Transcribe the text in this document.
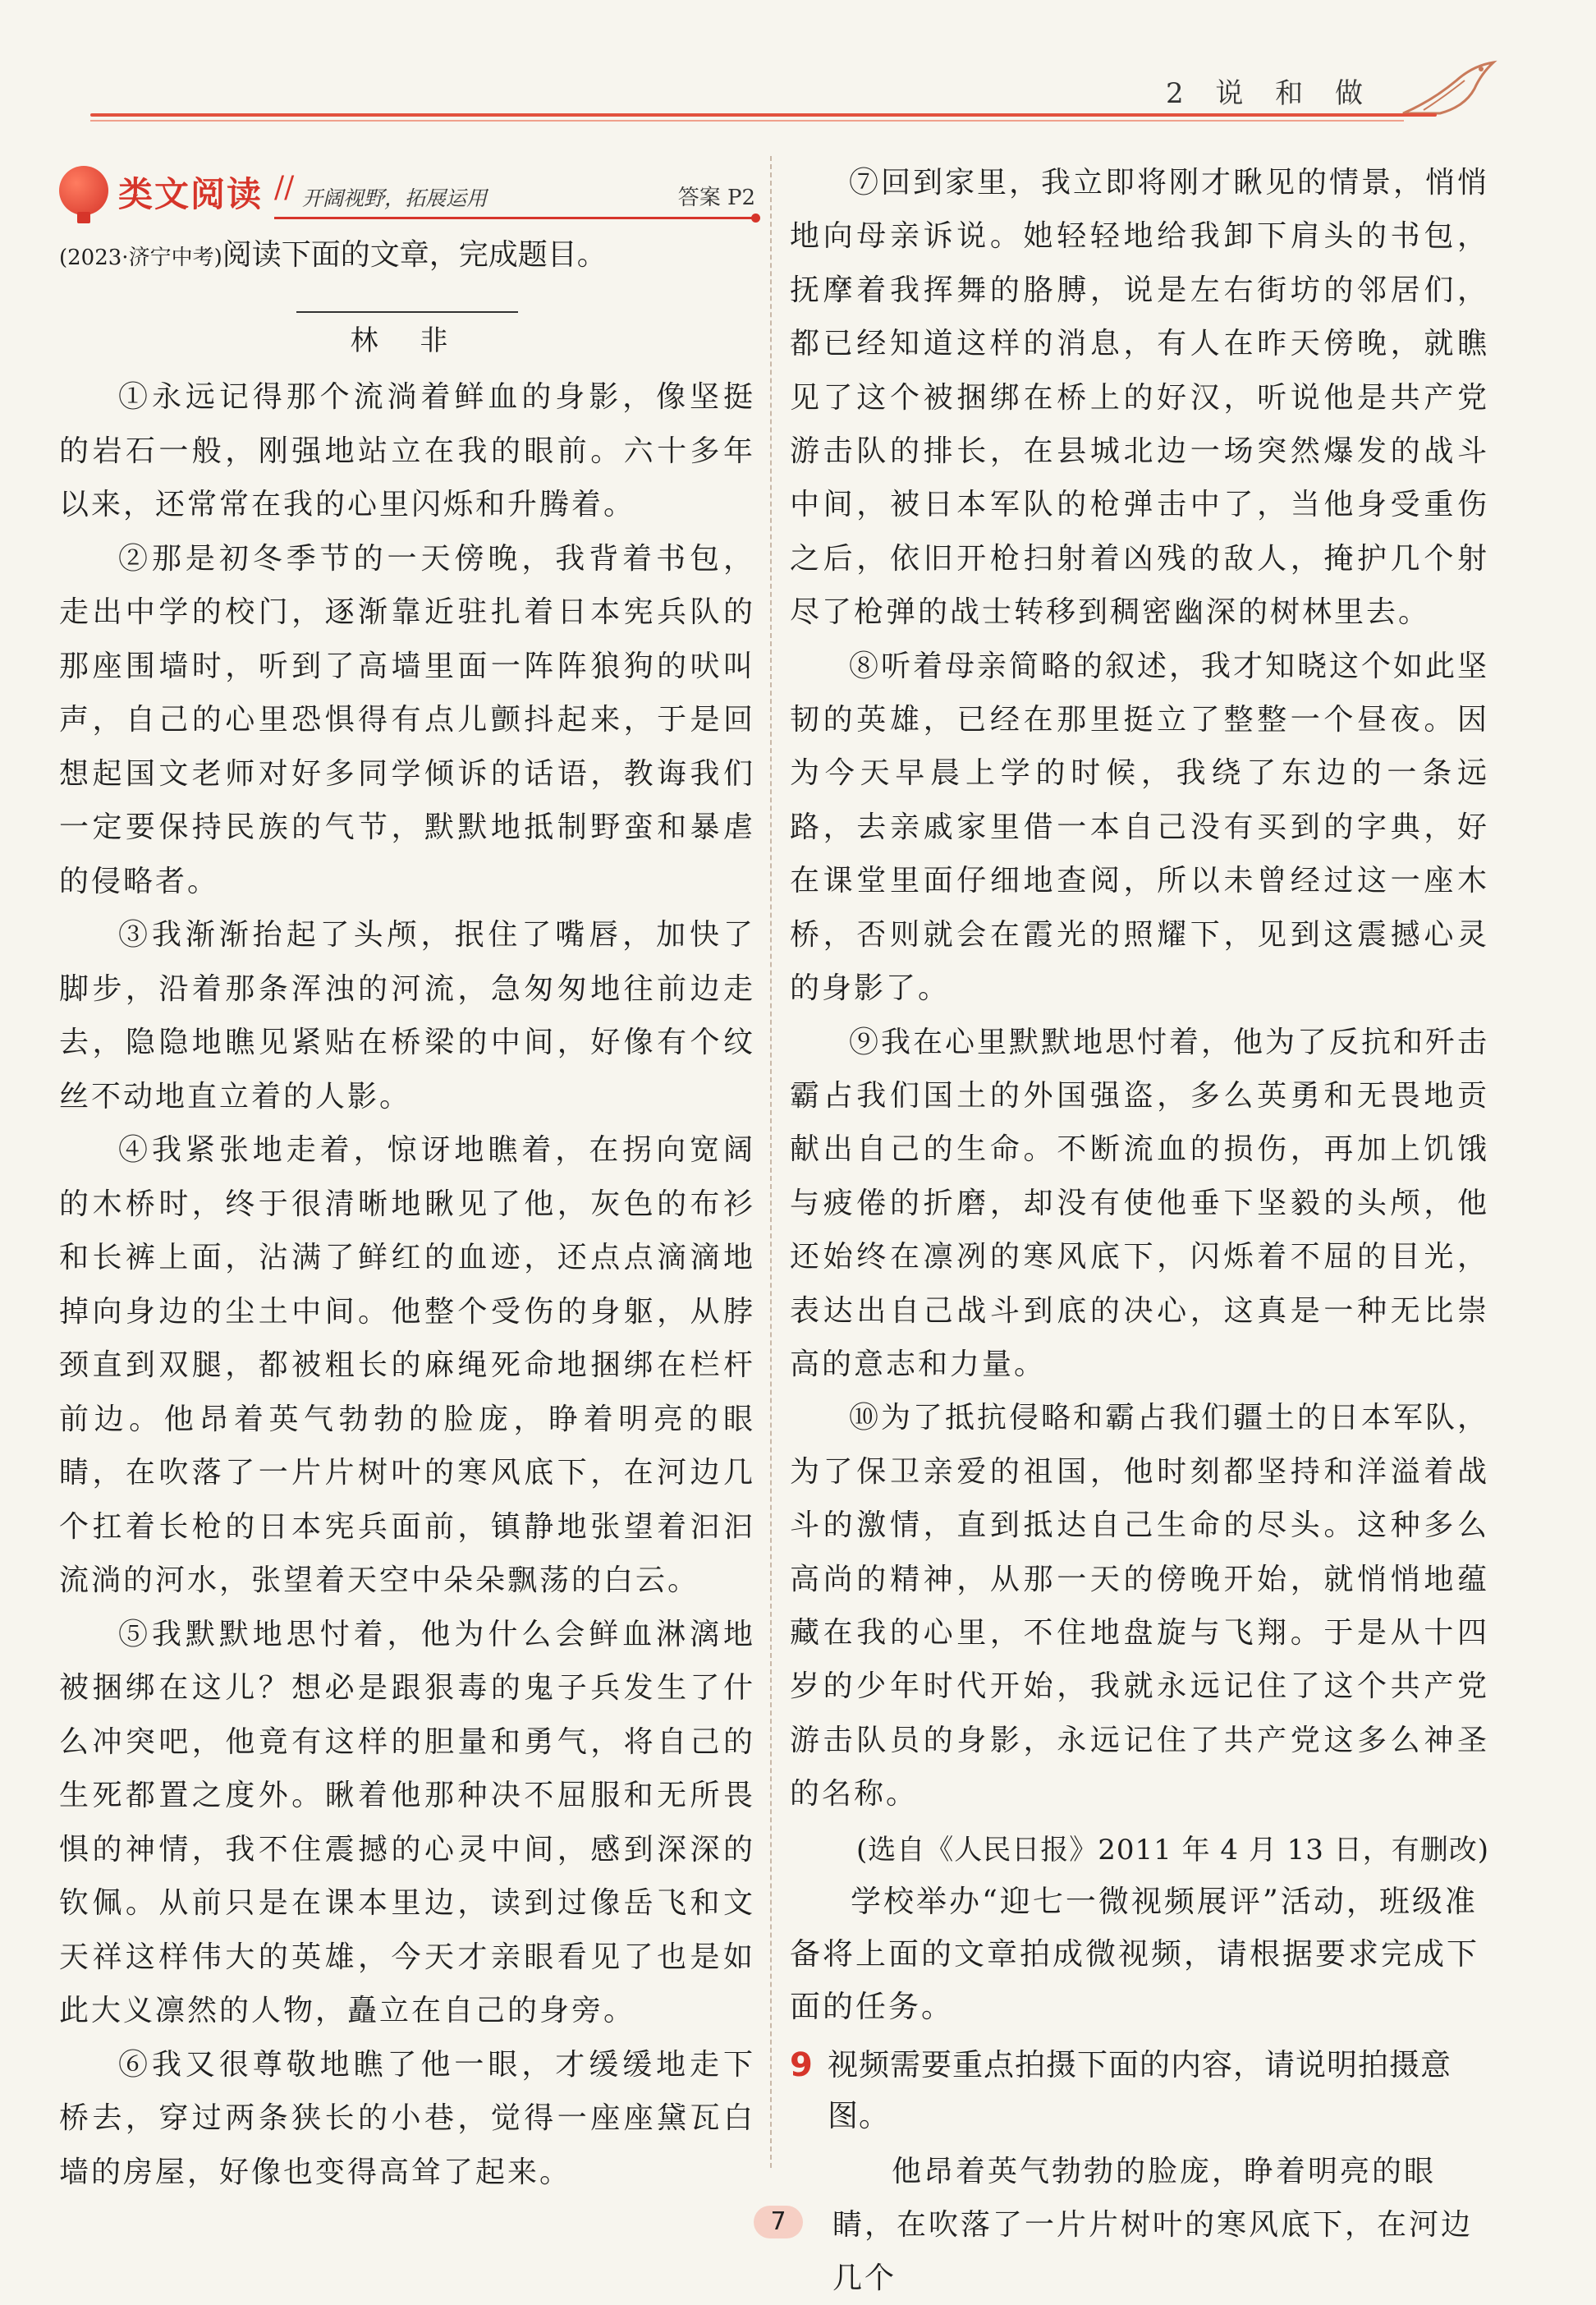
2 说 和 做
类文阅读 // 开阔视野，拓展运用	答案 P2
(2023·济宁中考)阅读下面的文章，完成题目。
林 非

①永远记得那个流淌着鲜血的身影，像坚挺的岩石一般，刚强地站立在我的眼前。六十多年以来，还常常在我的心里闪烁和升腾着。

②那是初冬季节的一天傍晚，我背着书包，走出中学的校门，逐渐靠近驻扎着日本宪兵队的那座围墙时，听到了高墙里面一阵阵狼狗的吠叫声，自己的心里恐惧得有点儿颤抖起来，于是回想起国文老师对好多同学倾诉的话语，教诲我们一定要保持民族的气节，默默地抵制野蛮和暴虐的侵略者。

③我渐渐抬起了头颅，抿住了嘴唇，加快了脚步，沿着那条浑浊的河流，急匆匆地往前边走去，隐隐地瞧见紧贴在桥梁的中间，好像有个纹丝不动地直立着的人影。

④我紧张地走着，惊讶地瞧着，在拐向宽阔的木桥时，终于很清晰地瞅见了他，灰色的布衫和长裤上面，沾满了鲜红的血迹，还点点滴滴地掉向身边的尘土中间。他整个受伤的身躯，从脖颈直到双腿，都被粗长的麻绳死命地捆绑在栏杆前边。他昂着英气勃勃的脸庞，睁着明亮的眼睛，在吹落了一片片树叶的寒风底下，在河边几个扛着长枪的日本宪兵面前，镇静地张望着汩汩流淌的河水，张望着天空中朵朵飘荡的白云。

⑤我默默地思忖着，他为什么会鲜血淋漓地被捆绑在这儿？想必是跟狠毒的鬼子兵发生了什么冲突吧，他竟有这样的胆量和勇气，将自己的生死都置之度外。瞅着他那种决不屈服和无所畏惧的神情，我不住震撼的心灵中间，感到深深的钦佩。从前只是在课本里边，读到过像岳飞和文天祥这样伟大的英雄，今天才亲眼看见了也是如此大义凛然的人物，矗立在自己的身旁。

⑥我又很尊敬地瞧了他一眼，才缓缓地走下桥去，穿过两条狭长的小巷，觉得一座座黛瓦白墙的房屋，好像也变得高耸了起来。

⑦回到家里，我立即将刚才瞅见的情景，悄悄地向母亲诉说。她轻轻地给我卸下肩头的书包，抚摩着我挥舞的胳膊，说是左右街坊的邻居们，都已经知道这样的消息，有人在昨天傍晚，就瞧见了这个被捆绑在桥上的好汉，听说他是共产党游击队的排长，在县城北边一场突然爆发的战斗中间，被日本军队的枪弹击中了，当他身受重伤之后，依旧开枪扫射着凶残的敌人，掩护几个射尽了枪弹的战士转移到稠密幽深的树林里去。

⑧听着母亲简略的叙述，我才知晓这个如此坚韧的英雄，已经在那里挺立了整整一个昼夜。因为今天早晨上学的时候，我绕了东边的一条远路，去亲戚家里借一本自己没有买到的字典，好在课堂里面仔细地查阅，所以未曾经过这一座木桥，否则就会在霞光的照耀下，见到这震撼心灵的身影了。

⑨我在心里默默地思忖着，他为了反抗和歼击霸占我们国土的外国强盗，多么英勇和无畏地贡献出自己的生命。不断流血的损伤，再加上饥饿与疲倦的折磨，却没有使他垂下坚毅的头颅，他还始终在凛冽的寒风底下，闪烁着不屈的目光，表达出自己战斗到底的决心，这真是一种无比崇高的意志和力量。

⑩为了抵抗侵略和霸占我们疆土的日本军队，为了保卫亲爱的祖国，他时刻都坚持和洋溢着战斗的激情，直到抵达自己生命的尽头。这种多么高尚的精神，从那一天的傍晚开始，就悄悄地蕴藏在我的心里，不住地盘旋与飞翔。于是从十四岁的少年时代开始，我就永远记住了这个共产党游击队员的身影，永远记住了共产党这多么神圣的名称。

(选自《人民日报》2011 年 4 月 13 日，有删改)

学校举办“迎七一微视频展评”活动，班级准备将上面的文章拍成微视频，请根据要求完成下面的任务。

9 视频需要重点拍摄下面的内容，请说明拍摄意图。

他昂着英气勃勃的脸庞，睁着明亮的眼睛，在吹落了一片片树叶的寒风底下，在河边几个

7
